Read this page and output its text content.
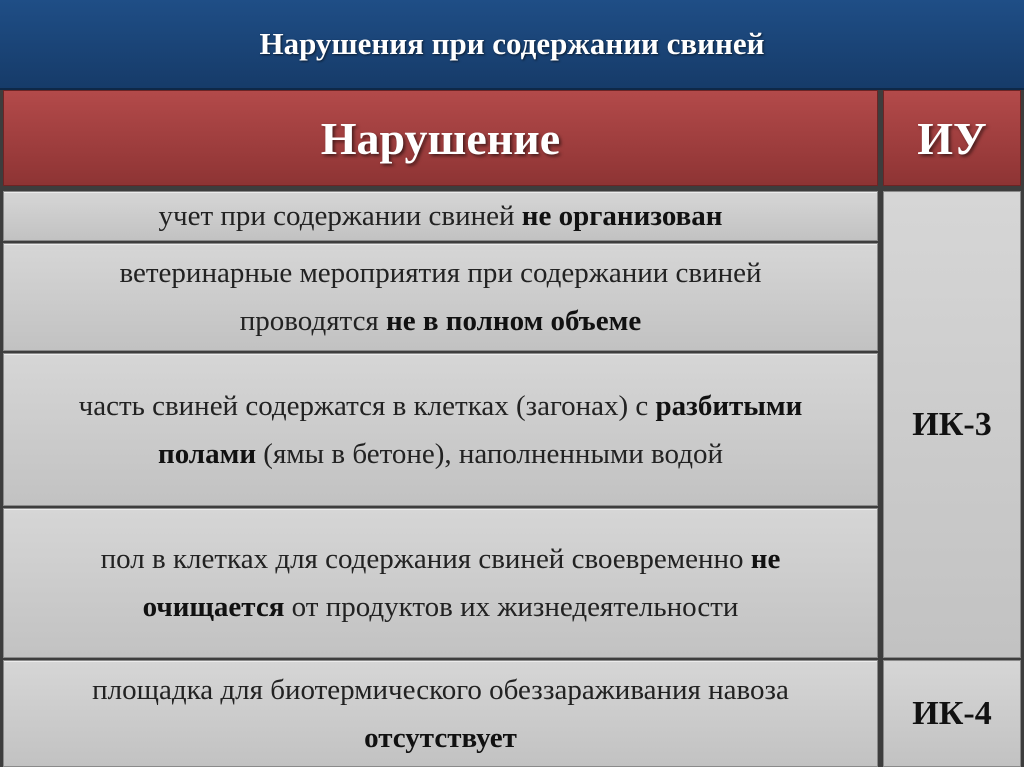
Нарушения при содержании свиней
Нарушение	ИУ
учет при содержании свиней не организован
ветеринарные мероприятия при содержании свиней проводятся не в полном объеме
часть свиней содержатся в клетках (загонах) с разбитыми полами (ямы в бетоне), наполненными водой
пол в клетках для содержания свиней своевременно не очищается от продуктов их жизнедеятельности
площадка для биотермического обеззараживания навоза отсутствует
ИК-3
ИК-4
